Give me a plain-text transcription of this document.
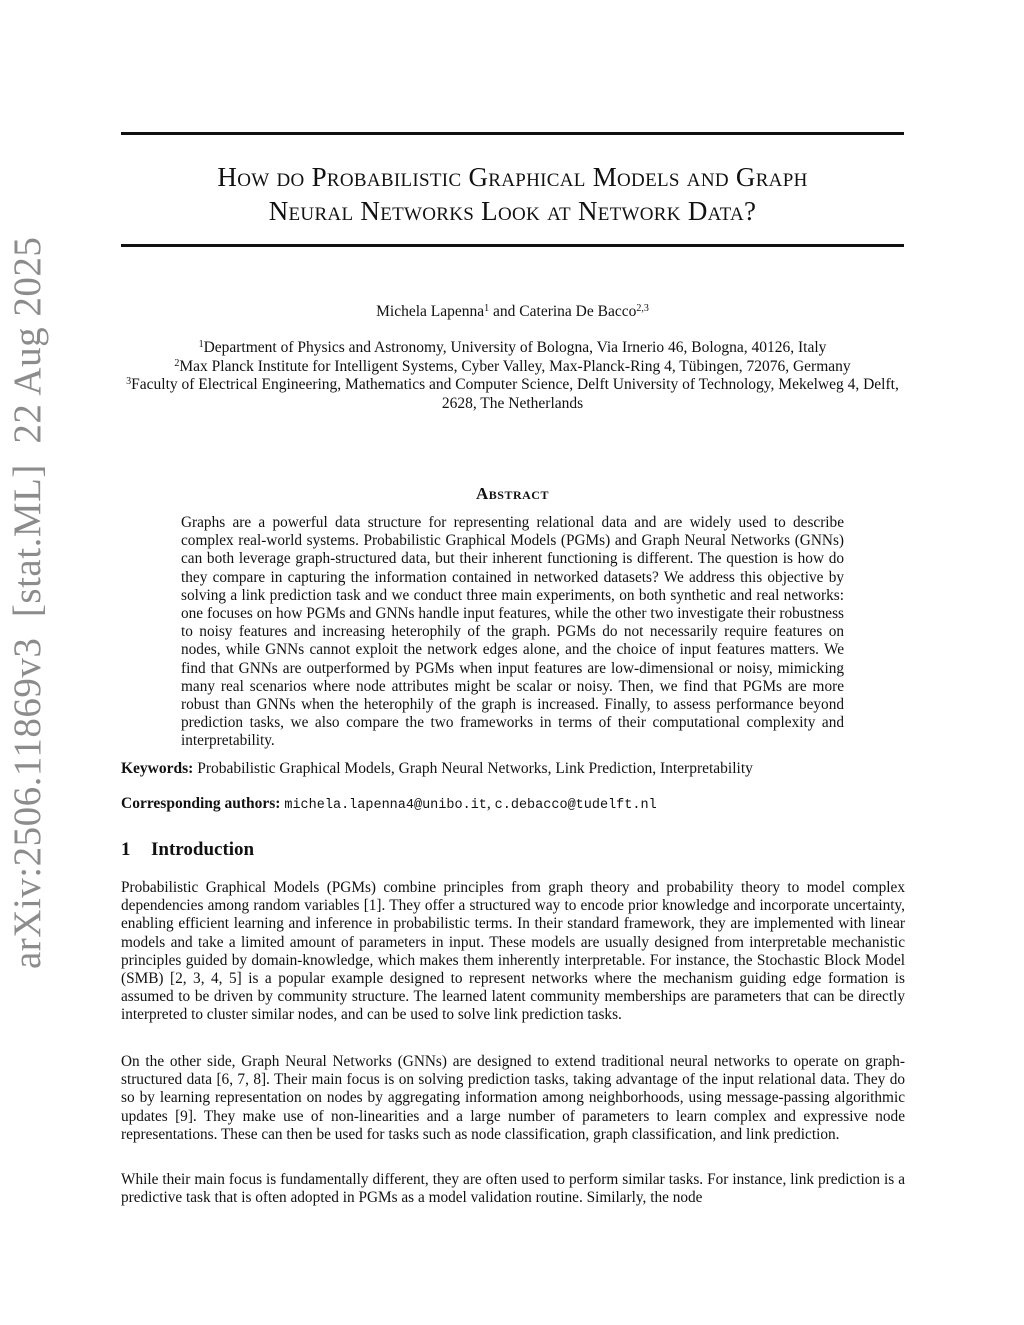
arXiv:2506.11869v3  [stat.ML]  22 Aug 2025
How do Probabilistic Graphical Models and Graph
Neural Networks Look at Network Data?
Michela Lapenna$^1$ and Caterina De Bacco$^{2,3}$
$^1$Department of Physics and Astronomy, University of Bologna, Via Irnerio 46, Bologna, 40126, Italy
$^2$Max Planck Institute for Intelligent Systems, Cyber Valley, Max-Planck-Ring 4, Tübingen, 72076, Germany
$^3$Faculty of Electrical Engineering, Mathematics and Computer Science, Delft University of Technology, Mekelweg 4, Delft, 2628, The Netherlands
Abstract
Graphs are a powerful data structure for representing relational data and are widely used to describe complex real-world systems. Probabilistic Graphical Models (PGMs) and Graph Neural Networks (GNNs) can both leverage graph-structured data, but their inherent functioning is different. The question is how do they compare in capturing the information contained in networked datasets? We address this objective by solving a link prediction task and we conduct three main experiments, on both synthetic and real networks: one focuses on how PGMs and GNNs handle input features, while the other two investigate their robustness to noisy features and increasing heterophily of the graph. PGMs do not necessarily require features on nodes, while GNNs cannot exploit the network edges alone, and the choice of input features matters. We find that GNNs are outperformed by PGMs when input features are low-dimensional or noisy, mimicking many real scenarios where node attributes might be scalar or noisy. Then, we find that PGMs are more robust than GNNs when the heterophily of the graph is increased. Finally, to assess performance beyond prediction tasks, we also compare the two frameworks in terms of their computational complexity and interpretability.
Keywords: Probabilistic Graphical Models, Graph Neural Networks, Link Prediction, Interpretability
Corresponding authors: michela.lapenna4@unibo.it, c.debacco@tudelft.nl
1 Introduction

Probabilistic Graphical Models (PGMs) combine principles from graph theory and probability theory to model complex dependencies among random variables [1]. They offer a structured way to encode prior knowledge and incorporate uncertainty, enabling efficient learning and inference in probabilistic terms. In their standard framework, they are implemented with linear models and take a limited amount of parameters in input. These models are usually designed from interpretable mechanistic principles guided by domain-knowledge, which makes them inherently interpretable. For instance, the Stochastic Block Model (SMB) [2, 3, 4, 5] is a popular example designed to represent networks where the mechanism guiding edge formation is assumed to be driven by community structure. The learned latent community memberships are parameters that can be directly interpreted to cluster similar nodes, and can be used to solve link prediction tasks.

On the other side, Graph Neural Networks (GNNs) are designed to extend traditional neural networks to operate on graph-structured data [6, 7, 8]. Their main focus is on solving prediction tasks, taking advantage of the input relational data. They do so by learning representation on nodes by aggregating information among neighborhoods, using message-passing algorithmic updates [9]. They make use of non-linearities and a large number of parameters to learn complex and expressive node representations. These can then be used for tasks such as node classification, graph classification, and link prediction.

While their main focus is fundamentally different, they are often used to perform similar tasks. For instance, link prediction is a predictive task that is often adopted in PGMs as a model validation routine. Similarly, the node
